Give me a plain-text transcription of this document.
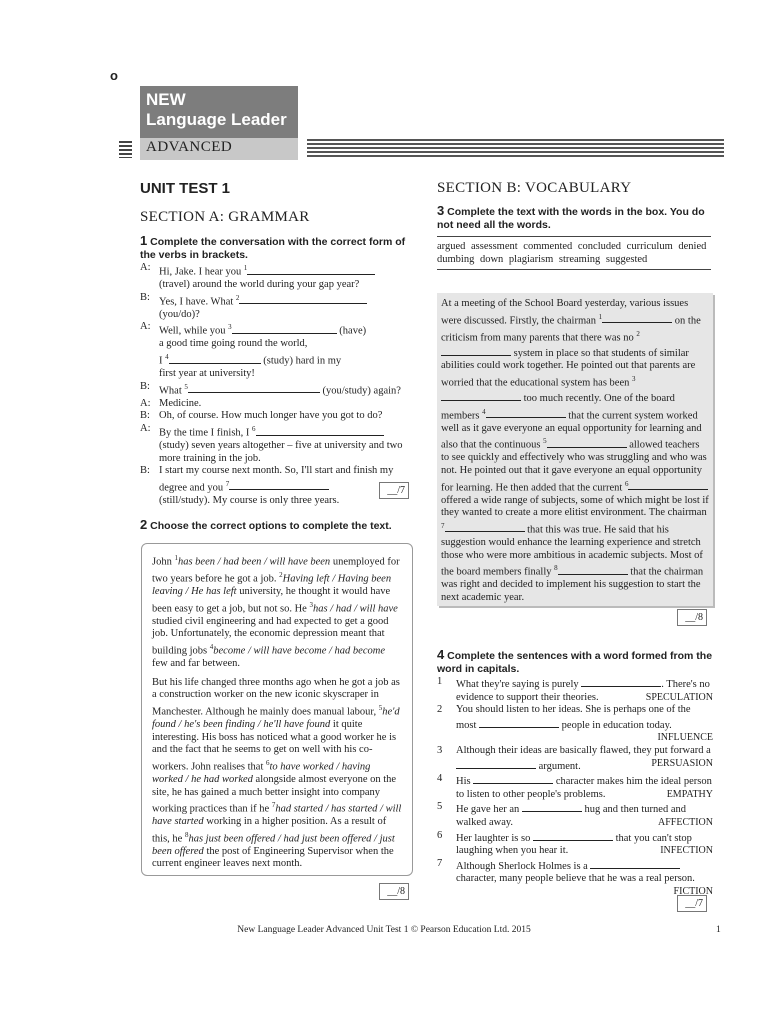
o
NEW
Language Leader
ADVANCED
UNIT TEST 1
SECTION A: GRAMMAR
1 Complete the conversation with the correct form of the verbs in brackets.
A: Hi, Jake. I hear you $^1$
(travel) around the world during your gap year?
B: Yes, I have. What $^2$
(you/do)?
A: Well, while you $^3$	(have)
a good time going round the world,
I $^4$	(study) hard in my
first year at university!
B: What $^5$	(you/study) again?
A: Medicine.
B: Oh, of course. How much longer have you got to do?
A: By the time I finish, I $^6$
(study) seven years altogether – five at university and two more training in the job.
B: I start my course next month. So, I'll start and finish my degree and you $^7$
(still/study). My course is only three years.
__/7
2 Choose the correct options to complete the text.

John $^1$has been / had been / will have been unemployed for two years before he got a job. $^2$Having left / Having been leaving / He has left university, he thought it would have been easy to get a job, but not so. He $^3$has / had / will have studied civil engineering and had expected to get a good job. Unfortunately, the economic depression meant that building jobs $^4$become / will have become / had become few and far between.

But his life changed three months ago when he got a job as a construction worker on the new iconic skyscraper in Manchester. Although he mainly does manual labour, $^5$he'd found / he's been finding / he'll have found it quite interesting. His boss has noticed what a good worker he is and the fact that he seems to get on well with his co-workers. John realises that $^6$to have worked / having worked / he had worked alongside almost everyone on the site, he has gained a much better insight into company working practices than if he $^7$had started / has started / will have started working in a higher position. As a result of this, he $^8$has just been offered / had just been offered / just been offered the post of Engineering Supervisor when the current engineer leaves next month.

__/8
SECTION B: VOCABULARY
3 Complete the text with the words in the box. You do not need all the words.
argued assessment commented concluded curriculum denied dumbing down plagiarism streaming suggested

At a meeting of the School Board yesterday, various issues were discussed. Firstly, the chairman $^1$	on the criticism from many parents that there was no $^2$ system in place so that students of similar abilities could work together. He pointed out that parents are worried that the educational system has been $^3$ too much recently. One of the board members $^4$	that the current system worked well as it gave everyone an equal opportunity for learning and also that the continuous $^5$	allowed teachers to see quickly and effectively who was struggling and who was not. He pointed out that it gave everyone an equal opportunity for learning. He then added that the current $^6$ offered a wide range of subjects, some of which might be lost if they wanted to create a more elitist environment. The chairman $^7$	that this was true. He said that his suggestion would enhance the learning experience and stretch those who were more ambitious in academic subjects. Most of the board members finally $^8$	that the chairman was right and decided to implement his suggestion to start the next academic year.

__/8
4 Complete the sentences with a word formed from the word in capitals.
1	What they're saying is purely	. There's no evidence to support their theories.	SPECULATION
2	You should listen to her ideas. She is perhaps one of the most	people in education today.
INFLUENCE
3	Although their ideas are basically flawed, they put forward a  argument.	PERSUASION
4	His	character makes him the ideal person to listen to other people's problems.	EMPATHY
5	He gave her an	hug and then turned and walked away.	AFFECTION
6	Her laughter is so	that you can't stop laughing when you hear it.	INFECTION
7	Although Sherlock Holmes is a  character, many people believe that he was a real person.
FICTION
__/7
New Language Leader Advanced Unit Test 1 © Pearson Education Ltd. 2015	1
